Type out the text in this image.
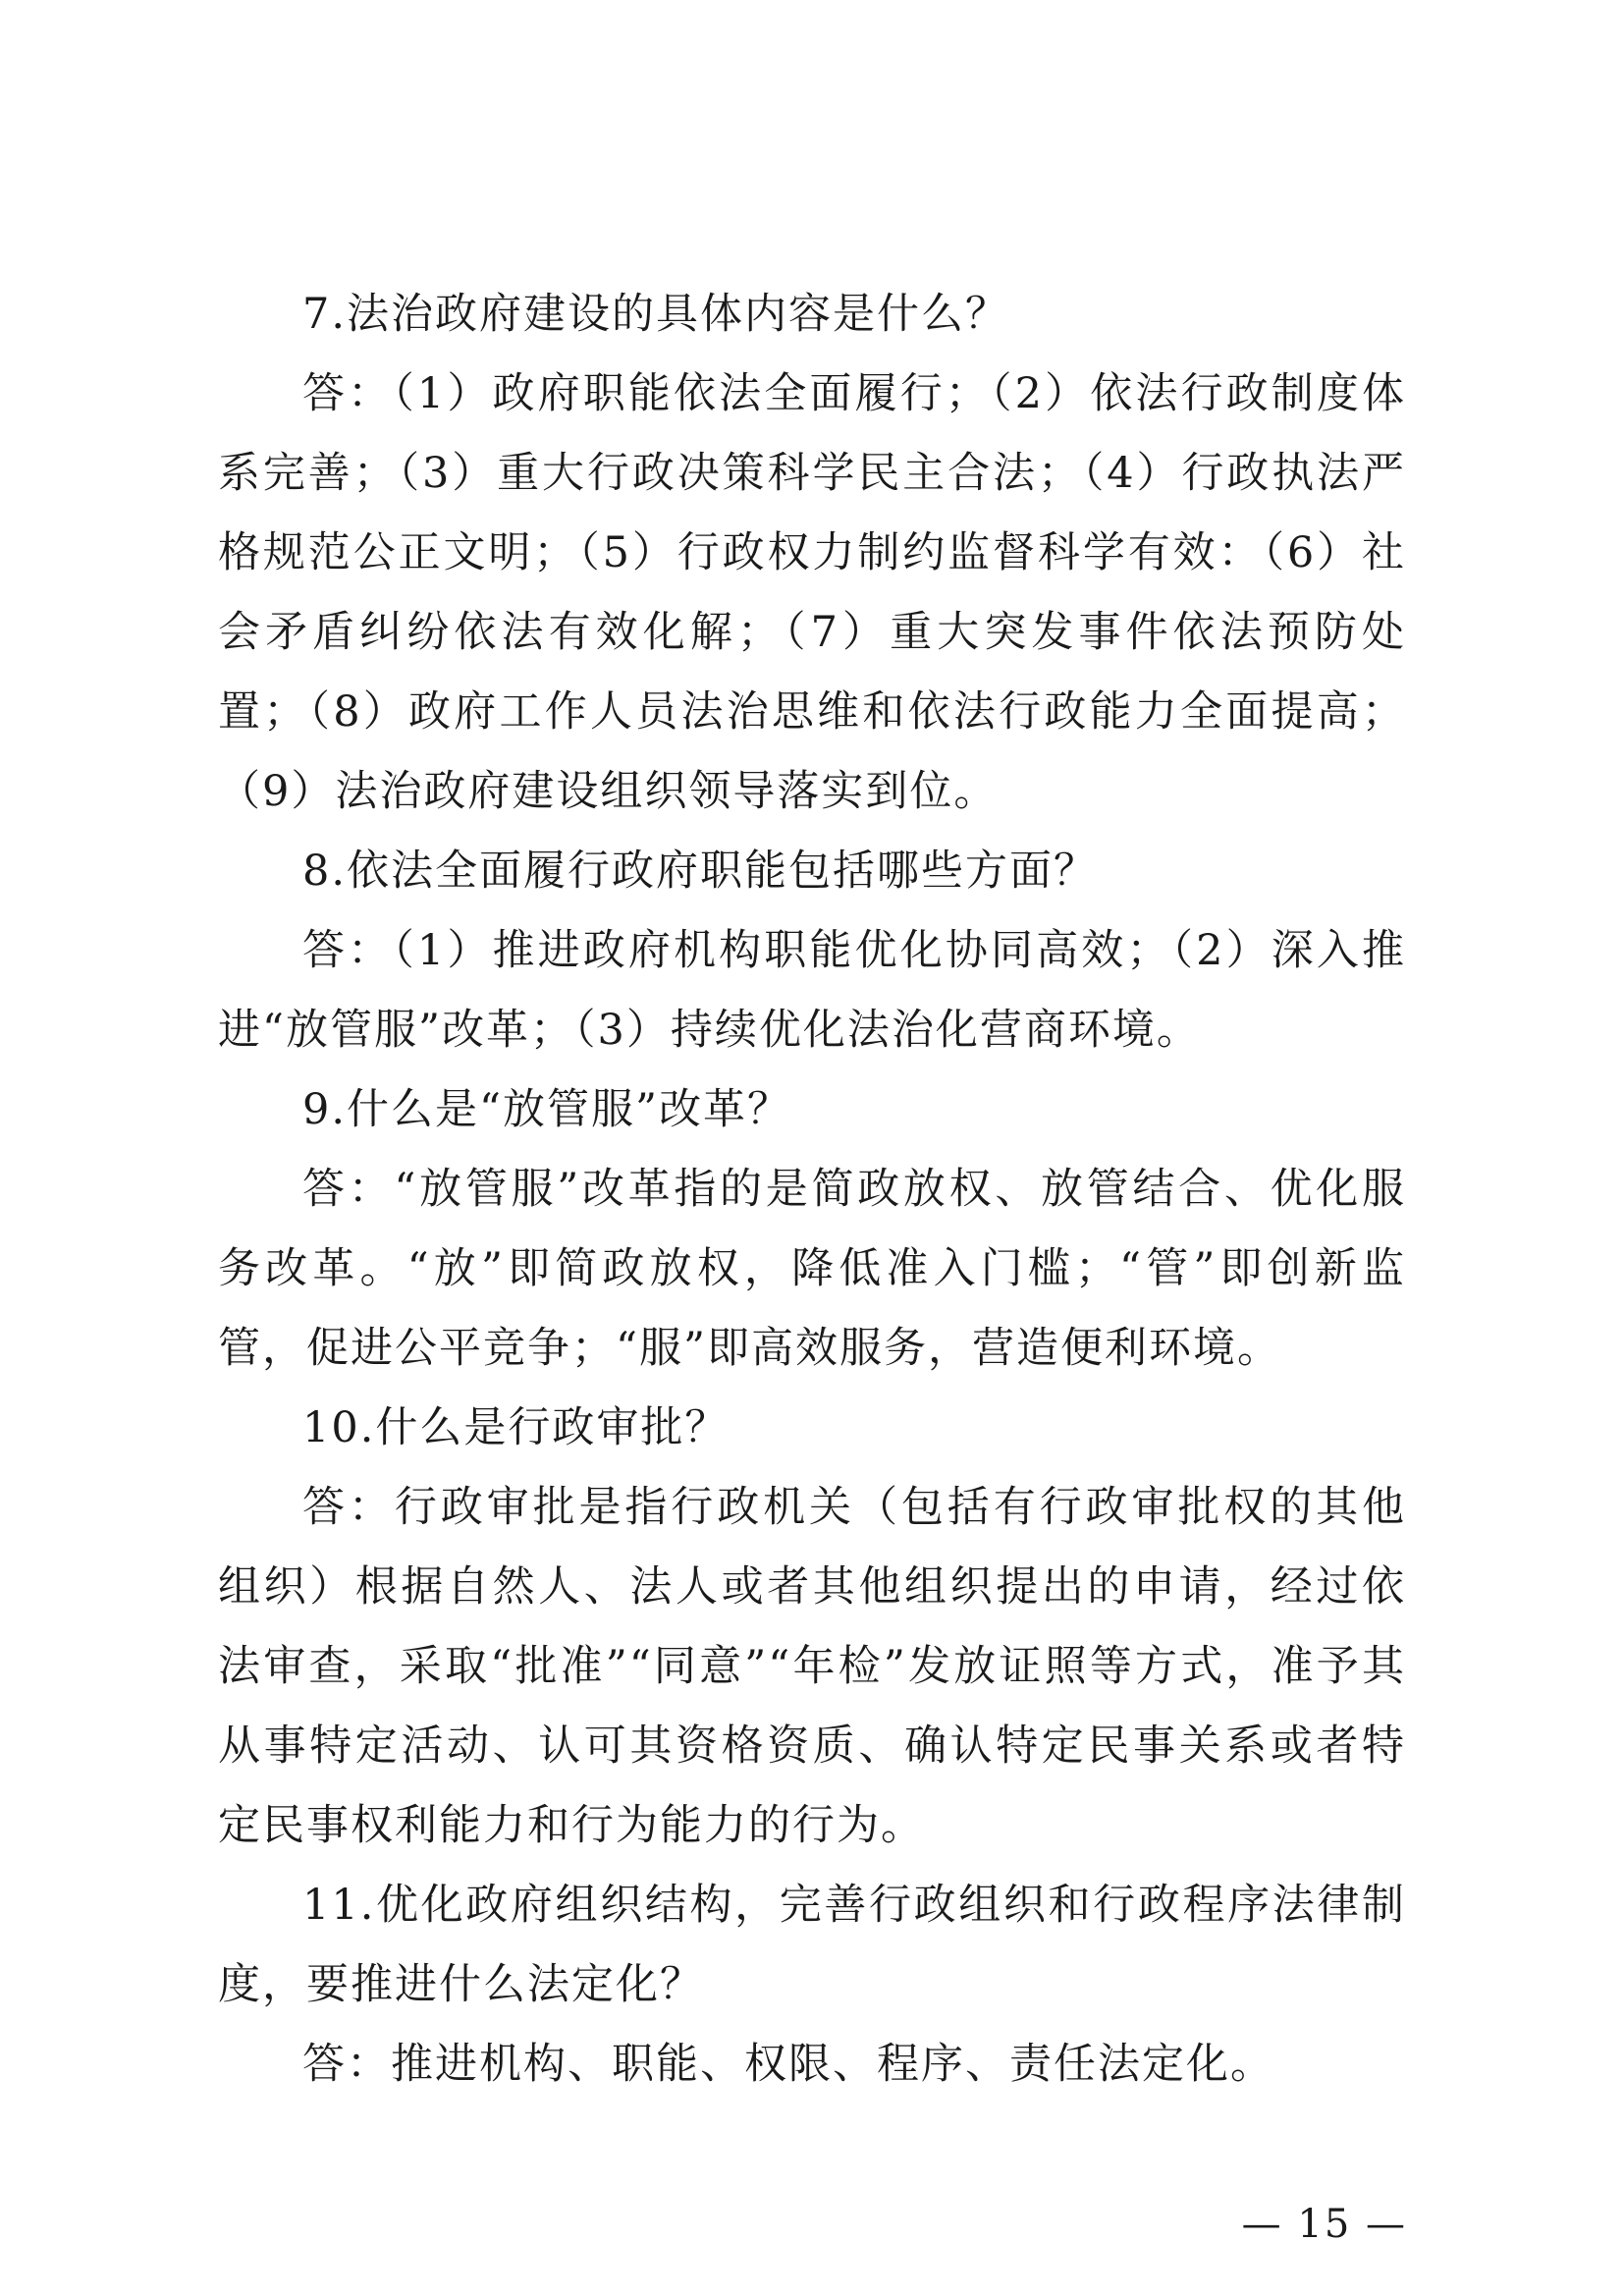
7.法治政府建设的具体内容是什么？

答：（1）政府职能依法全面履行；（2）依法行政制度体系完善；（3）重大行政决策科学民主合法；（4）行政执法严格规范公正文明；（5）行政权力制约监督科学有效：（6）社会矛盾纠纷依法有效化解；（7）重大突发事件依法预防处置；（8）政府工作人员法治思维和依法行政能力全面提高；（9）法治政府建设组织领导落实到位。

8.依法全面履行政府职能包括哪些方面？

答：（1）推进政府机构职能优化协同高效；（2）深入推进“放管服”改革；（3）持续优化法治化营商环境。

9.什么是“放管服”改革？

答：“放管服”改革指的是简政放权、放管结合、优化服务改革。“放”即简政放权，降低准入门槛；“管”即创新监管，促进公平竞争；“服”即高效服务，营造便利环境。

10.什么是行政审批？

答：行政审批是指行政机关（包括有行政审批权的其他组织）根据自然人、法人或者其他组织提出的申请，经过依法审查，采取“批准”“同意”“年检”发放证照等方式，准予其从事特定活动、认可其资格资质、确认特定民事关系或者特定民事权利能力和行为能力的行为。

11.优化政府组织结构，完善行政组织和行政程序法律制度，要推进什么法定化？

答：推进机构、职能、权限、程序、责任法定化。

— 15 —
